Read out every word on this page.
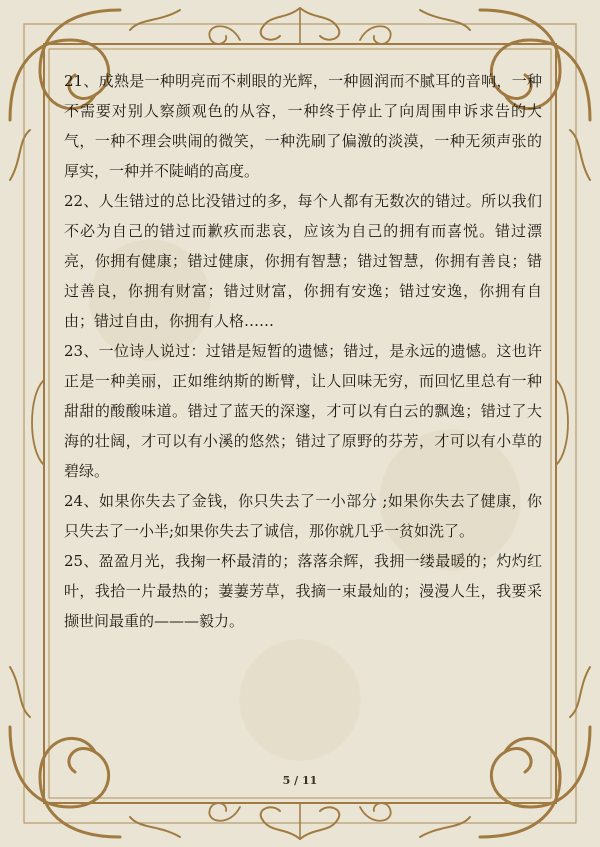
21、成熟是一种明亮而不刺眼的光辉，一种圆润而不腻耳的音响，一种不需要对别人察颜观色的从容，一种终于停止了向周围申诉求告的大气，一种不理会哄闹的微笑，一种洗刷了偏激的淡漠，一种无须声张的厚实，一种并不陡峭的高度。

22、人生错过的总比没错过的多，每个人都有无数次的错过。所以我们不必为自己的错过而歉疚而悲哀，应该为自己的拥有而喜悦。错过漂亮，你拥有健康；错过健康，你拥有智慧；错过智慧，你拥有善良；错过善良，你拥有财富；错过财富，你拥有安逸；错过安逸，你拥有自由；错过自由，你拥有人格……

23、一位诗人说过：过错是短暂的遗憾；错过，是永远的遗憾。这也许正是一种美丽，正如维纳斯的断臂，让人回味无穷，而回忆里总有一种甜甜的酸酸味道。错过了蓝天的深邃，才可以有白云的飘逸；错过了大海的壮阔，才可以有小溪的悠然；错过了原野的芬芳，才可以有小草的碧绿。

24、如果你失去了金钱，你只失去了一小部分 ;如果你失去了健康，你只失去了一小半;如果你失去了诚信，那你就几乎一贫如洗了。

25、盈盈月光，我掬一杯最清的；落落余辉，我拥一缕最暖的；灼灼红叶，我拾一片最热的；萋萋芳草，我摘一束最灿的；漫漫人生，我要采撷世间最重的———毅力。

5 / 11
